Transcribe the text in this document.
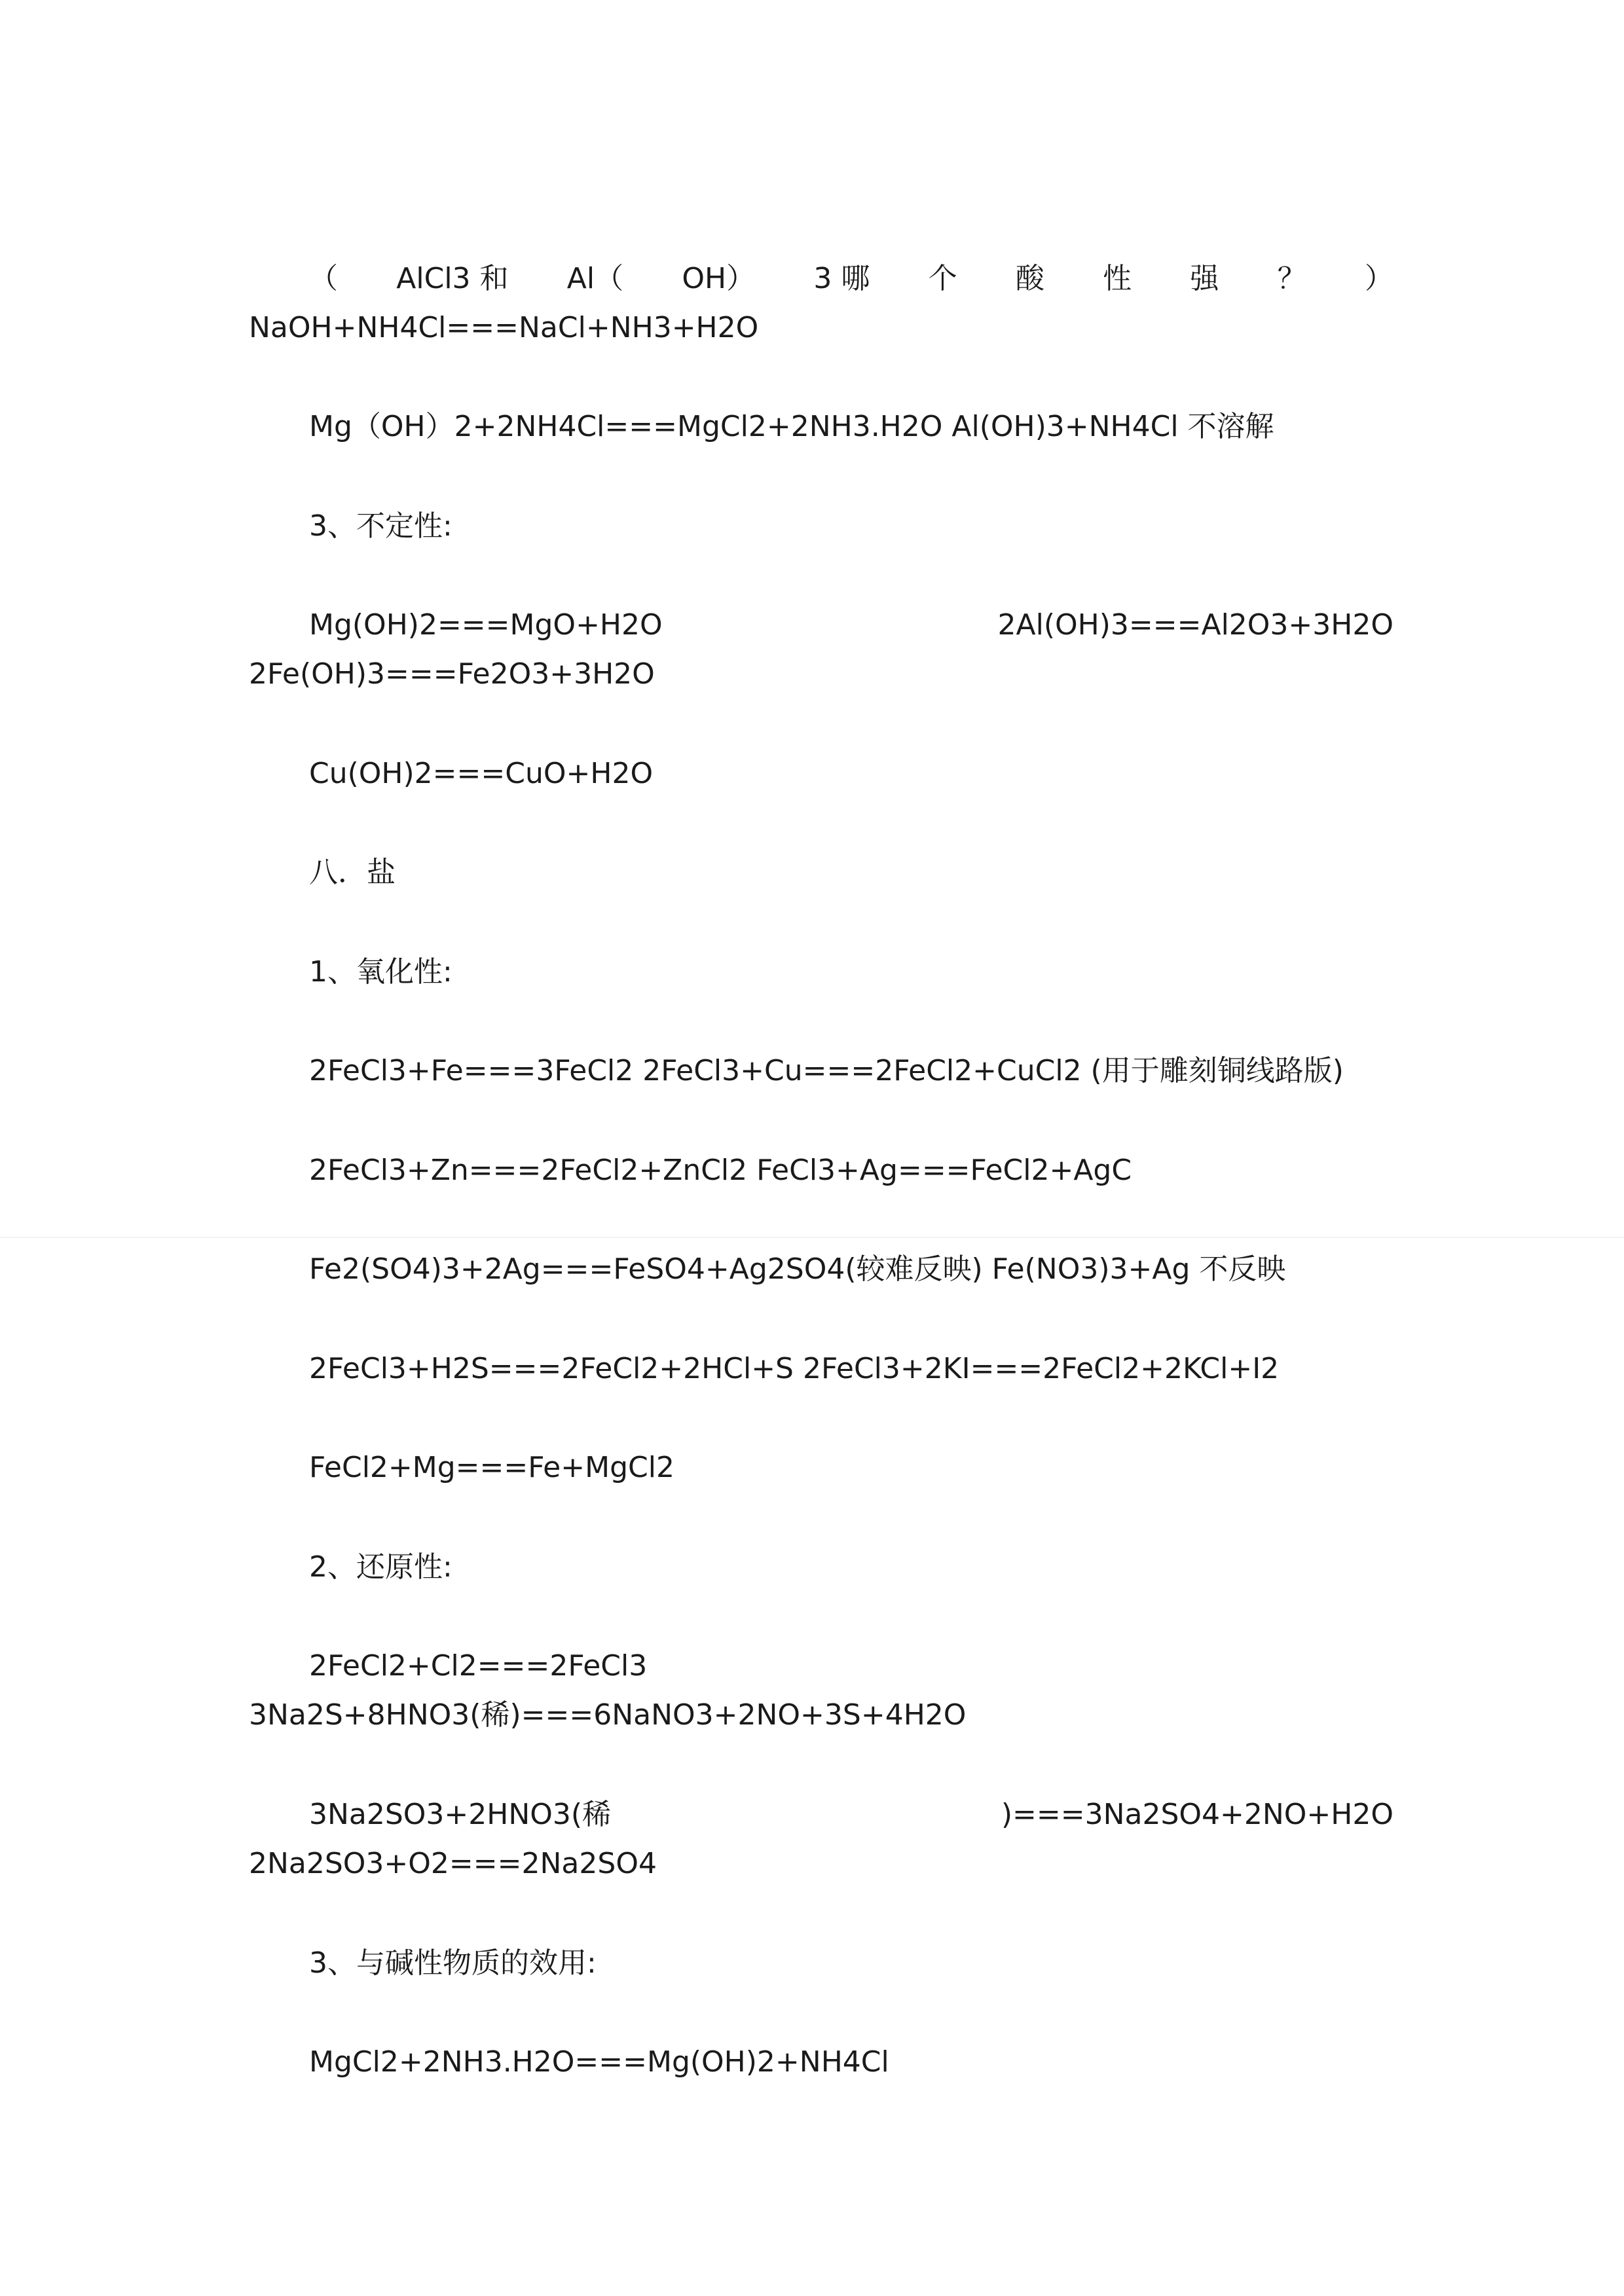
（ AlCl3 和 Al（ OH） 3 哪 个 酸 性 强 ？ ）
NaOH+NH4Cl===NaCl+NH3+H2O
Mg（OH）2+2NH4Cl===MgCl2+2NH3.H2O Al(OH)3+NH4Cl 不溶解
3、不定性:
Mg(OH)2===MgO+H2O	2Al(OH)3===Al2O3+3H2O
2Fe(OH)3===Fe2O3+3H2O
Cu(OH)2===CuO+H2O
八．盐
1、氧化性:
2FeCl3+Fe===3FeCl2 2FeCl3+Cu===2FeCl2+CuCl2 (用于雕刻铜线路版)
2FeCl3+Zn===2FeCl2+ZnCl2 FeCl3+Ag===FeCl2+AgC
Fe2(SO4)3+2Ag===FeSO4+Ag2SO4(较难反映) Fe(NO3)3+Ag 不反映
2FeCl3+H2S===2FeCl2+2HCl+S 2FeCl3+2KI===2FeCl2+2KCl+I2
FeCl2+Mg===Fe+MgCl2
2、还原性:
2FeCl2+Cl2===2FeCl3
3Na2S+8HNO3(稀)===6NaNO3+2NO+3S+4H2O
3Na2SO3+2HNO3(稀	)===3Na2SO4+2NO+H2O
2Na2SO3+O2===2Na2SO4
3、与碱性物质的效用:
MgCl2+2NH3.H2O===Mg(OH)2+NH4Cl
